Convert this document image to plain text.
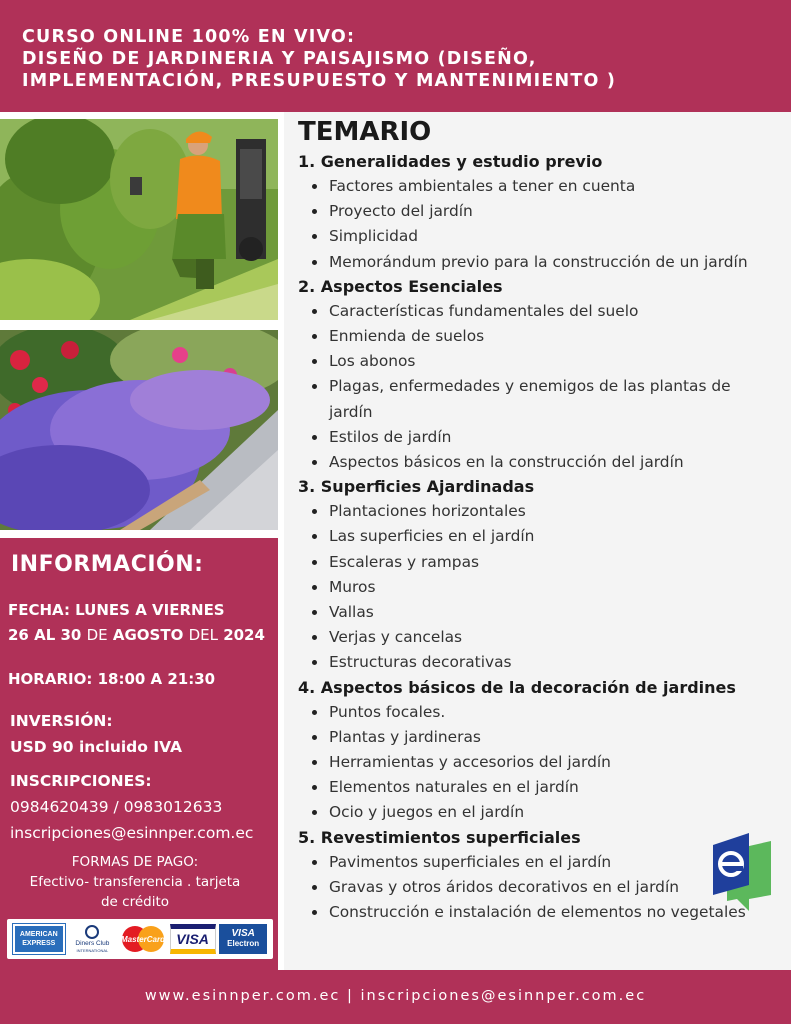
CURSO ONLINE 100% EN VIVO:
DISEÑO DE JARDINERIA Y PAISAJISMO (DISEÑO,
IMPLEMENTACIÓN, PRESUPUESTO Y MANTENIMIENTO )
TEMARIO
1. Generalidades y estudio previo
Factores ambientales a tener en cuenta
Proyecto del jardín
Simplicidad
Memorándum previo para la construcción de un jardín
2. Aspectos Esenciales
Características fundamentales del suelo
Enmienda de suelos
Los abonos
Plagas, enfermedades y enemigos de las plantas de jardín
Estilos de jardín
Aspectos básicos en la construcción del jardín
3. Superficies Ajardinadas
Plantaciones horizontales
Las superficies en el jardín
Escaleras y rampas
Muros
Vallas
Verjas y cancelas
Estructuras decorativas
4. Aspectos básicos de la decoración de jardines
Puntos focales.
Plantas y jardineras
Herramientas y accesorios del jardín
Elementos naturales en el jardín
Ocio y juegos en el jardín
5. Revestimientos superficiales
Pavimentos superficiales en el jardín
Gravas y otros áridos decorativos en el jardín
Construcción e instalación de elementos no vegetales
INFORMACIÓN:
FECHA: LUNES A VIERNES
26 AL 30 DE AGOSTO DEL 2024
HORARIO: 18:00 A 21:30
INVERSIÓN:
USD 90 incluido IVA
INSCRIPCIONES:
0984620439 / 0983012633
inscripciones@esinnper.com.ec
FORMAS DE PAGO:
Efectivo- transferencia . tarjeta
de crédito
AMERICAN
EXPRESS	Diners Club
INTERNATIONAL
MasterCard VISA VISA
Electron
www.esinnper.com.ec | inscripciones@esinnper.com.ec
